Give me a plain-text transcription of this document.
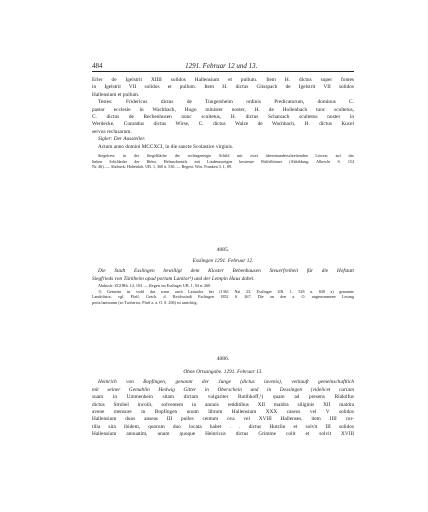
484	1291. Februar 12 und 13.
Erler de Igelstrit XIIII solidos Hallensium et pullum. Item H. dictus super fontes
in Igelstrit VII solidos et pullum. Item H. dictus Gitsspach de Igelstrit VII solidos
Hallensium et pullum.
Testes: Fridericus dictus de Tungersheim ordinis Predicatorum, dominus C.
pastor ecclesie in Wachbach, Hugo minister noster, H. de Hollenbach tunc scultetus,
C. dictus de Rechenhusen nunc scultetus, H. dictus Scharsach scultetus noster in
Werdecke, Cunradus dictus Wirse, C. dictus Walze de Wachbach, H. dictus Kucel
servus reclusarum.
Sigler: Der Aussteller.
Actum anno domini MCCXCI, in die sancte Scolastice virginis.
Siegelrest: in der Siegelfläche der rechtsgeneigte Schild mit zwei übereinanderschreitenden Löwen; auf des
linken Schildecke der Helm, Helmschmuck mit Lindenzweigen bestreute Büffelhörner (Abbildung: Albrecht S. 154
Nr. 46). — Abdruck: Hohenloh. UB. 1, 360 n. 536. — Regest: Wirt. Franken 3, 1, 89.
4085.
Esslingen 1291. Februar 12.
Die Stadt Esslingen bewilligt dem Kloster Bebenhausen Steuerfreiheit für die Hofstatt
Siegfrieds von Türkheim apud portam Lanitor¹) und der Lempin Haus dabei.
Abdruck: ZGORh. 14, 103. — Regest im Esslinger UB. 1, 94 n. 260.
1) Gemeint ist wohl das sonst auch Laintalor bei (1361 Nai 23, Esslinger UB. 1, 528 n. 840 a) genannte
Landoltstor, vgl. Pfaff, Gesch. d. Reichsstadt Esslingen 1852 S. 267. Die an den a. O. angenommene Lesung
porta lanitorum (so Tuchertor, Pfaff a. a. O. S. 266) ist unrichtig.
4086.
Ohne Ortsangabe. 1291. Februar 13.
Heinrich von Bopfingen, genannt der Junge (dictus iuvenis), verkauft gemeinschaftlich
mit seiner Gemahlin Hedwig Gitter in Oberschein und in Dossingen (videlicet curiam
suam in Ummenhein sitam dictam vulgariter Rutihhoff,¹) quam ad presens Rüdolfus
dictus Strobel incolit, solventem in annuis redditibus XII maldra siliginis XII maldra
avene mensure in Bopfingen unum librum Hallensium XXX caseos vel V solidos
Hallensium duos anseas III pulles centum ova vel XVIII Hallenses, item IIII cur-
tilia sita ibidem, quorum duo locata habet . . dictus Hutzlin et solvit III solidos
Hallensium annuatim, unum quoque Heinricus dictus Grimme colit et solvit XVIII
